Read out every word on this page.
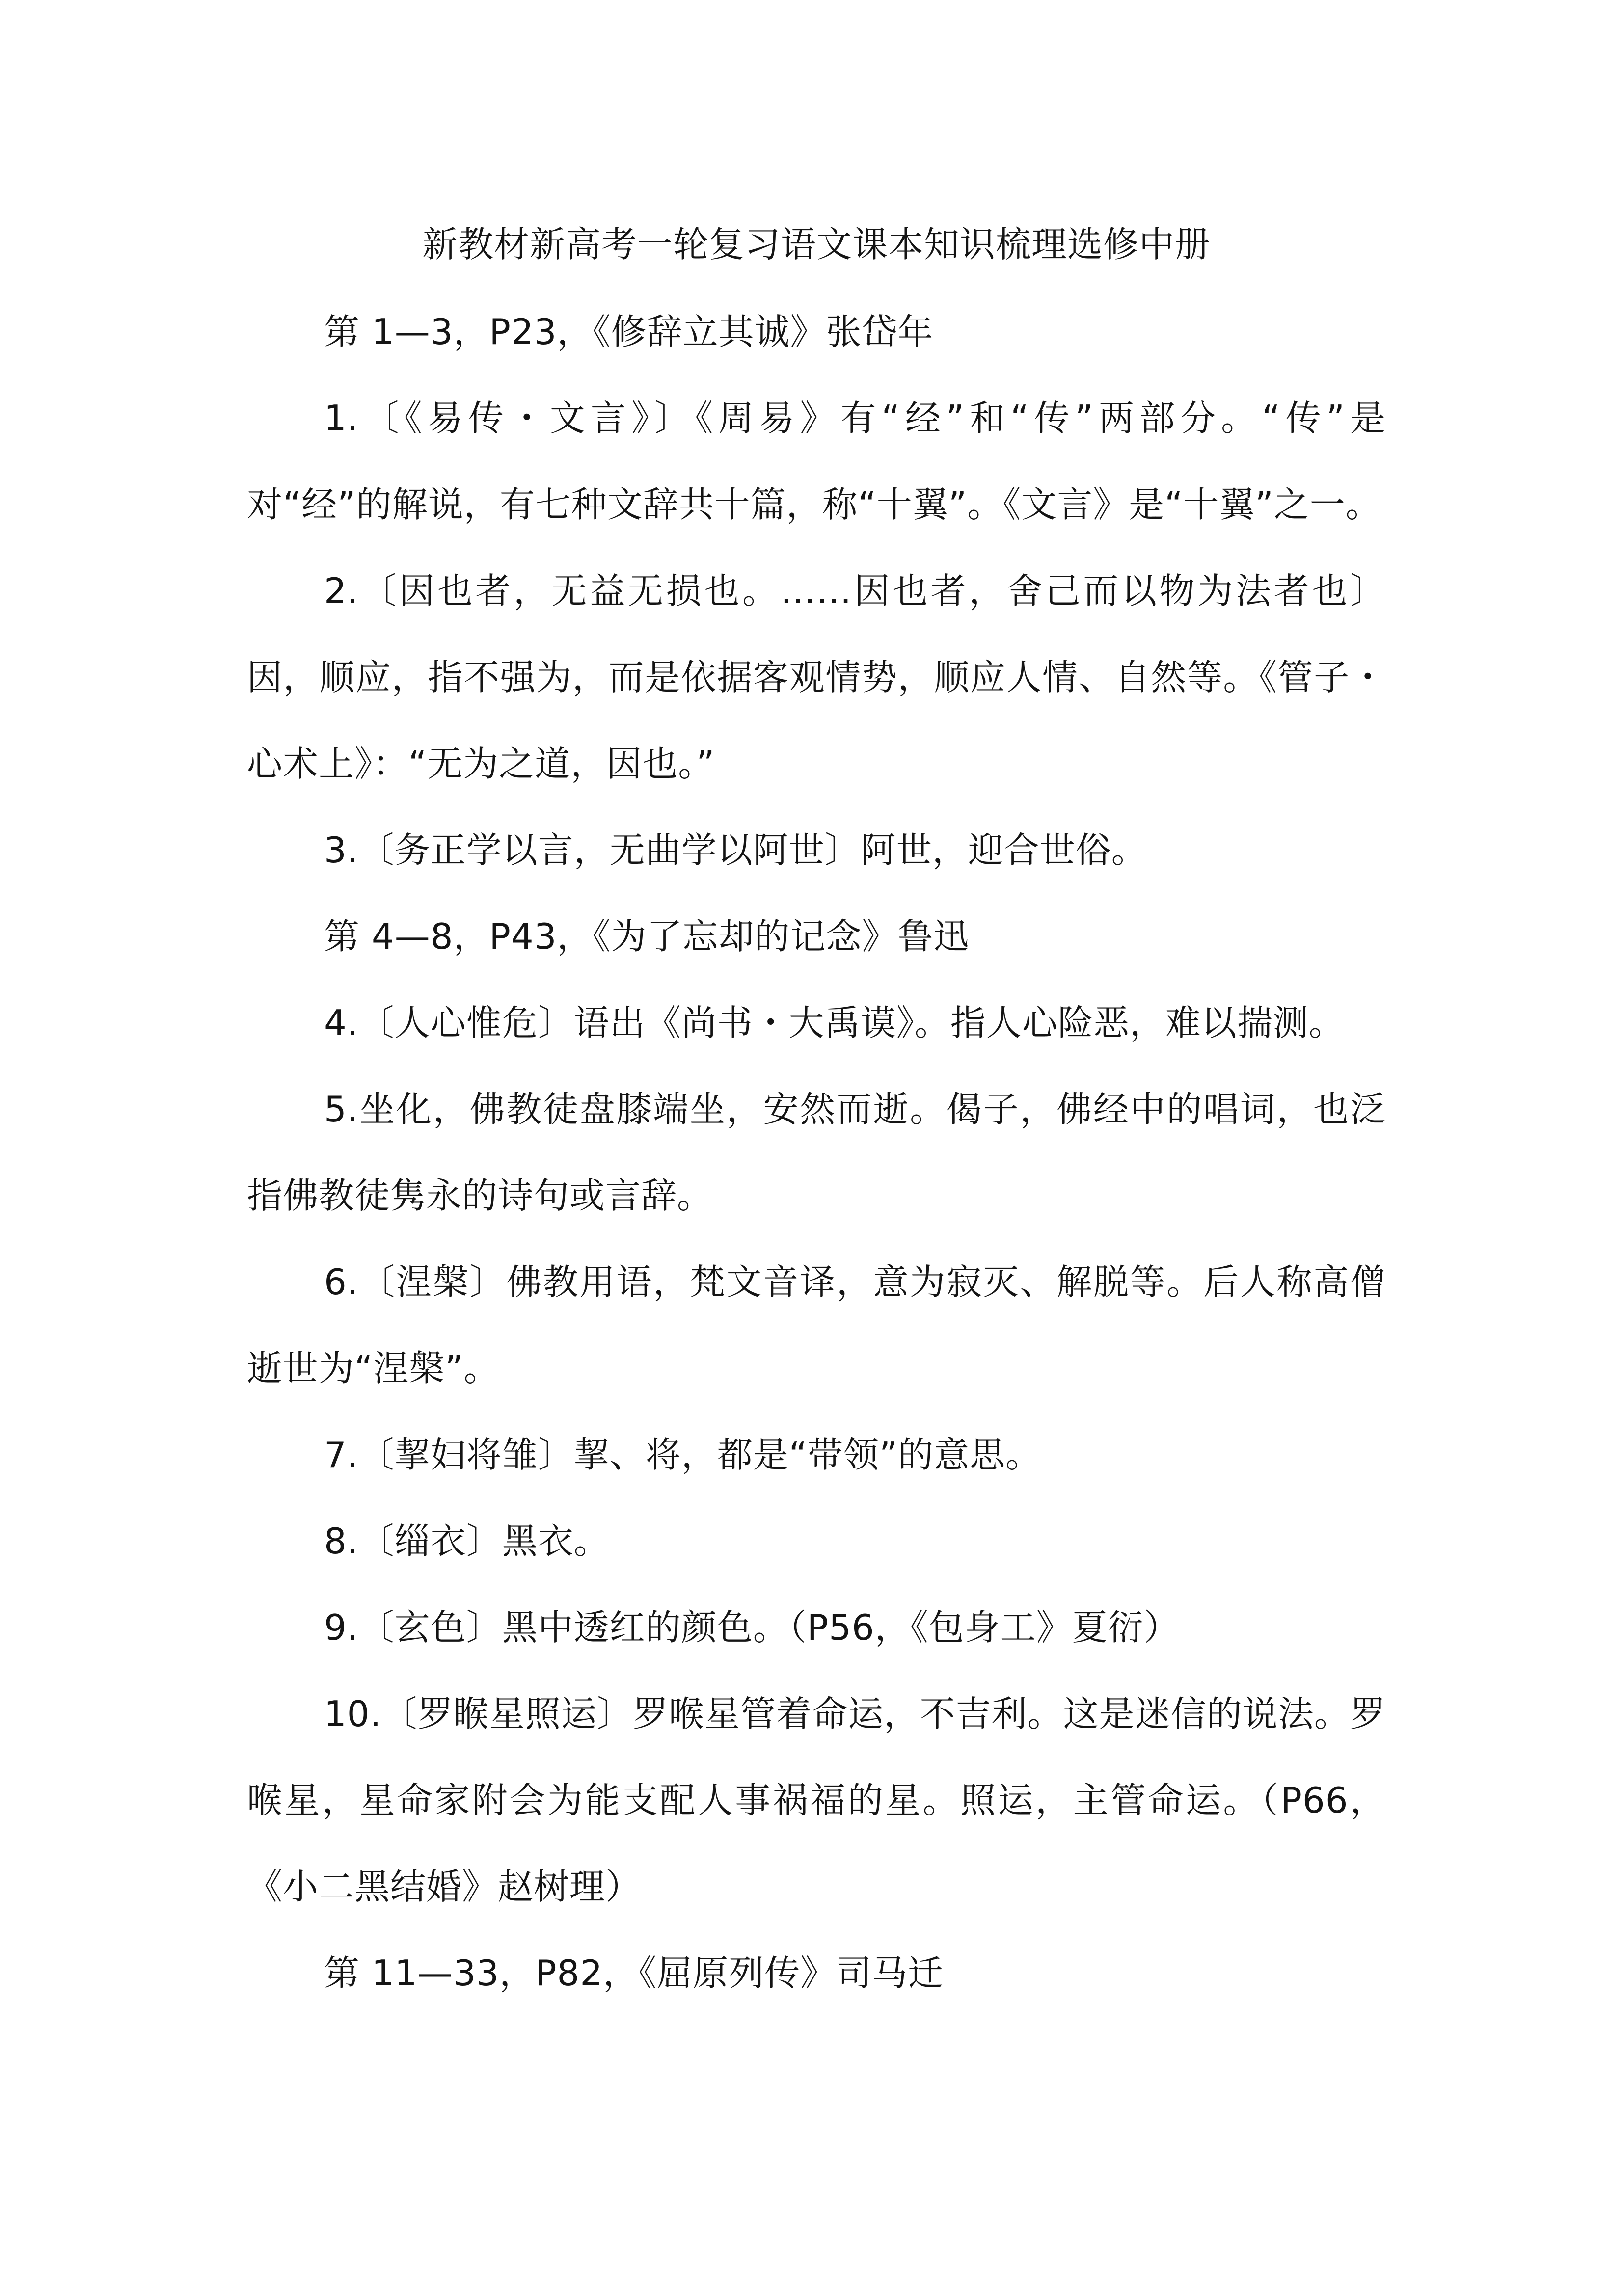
新教材新高考一轮复习语文课本知识梳理选修中册

第 1—3，P23，《修辞立其诚》张岱年

1.〔《易传・文言》〕《周易》有“经”和“传”两部分。“传”是对“经”的解说，有七种文辞共十篇，称“十翼”。《文言》是“十翼”之一。

2.〔因也者，无益无损也。……因也者，舍己而以物为法者也〕因，顺应，指不强为，而是依据客观情势，顺应人情、自然等。《管子・心术上》：“无为之道，因也。”

3.〔务正学以言，无曲学以阿世〕阿世，迎合世俗。

第 4—8，P43，《为了忘却的记念》鲁迅

4.〔人心惟危〕语出《尚书・大禹谟》。指人心险恶，难以揣测。

5.坐化，佛教徒盘膝端坐，安然而逝。偈子，佛经中的唱词，也泛指佛教徒隽永的诗句或言辞。

6.〔涅槃〕佛教用语，梵文音译，意为寂灭、解脱等。后人称高僧逝世为“涅槃”。

7.〔挈妇将雏〕挈、将，都是“带领”的意思。

8.〔缁衣〕黑衣。

9.〔玄色〕黑中透红的颜色。（P56，《包身工》夏衍）

10.〔罗睺星照运〕罗喉星管着命运，不吉利。这是迷信的说法。罗喉星，星命家附会为能支配人事祸福的星。照运，主管命运。（P66，《小二黑结婚》赵树理）

第 11—33，P82，《屈原列传》司马迁
